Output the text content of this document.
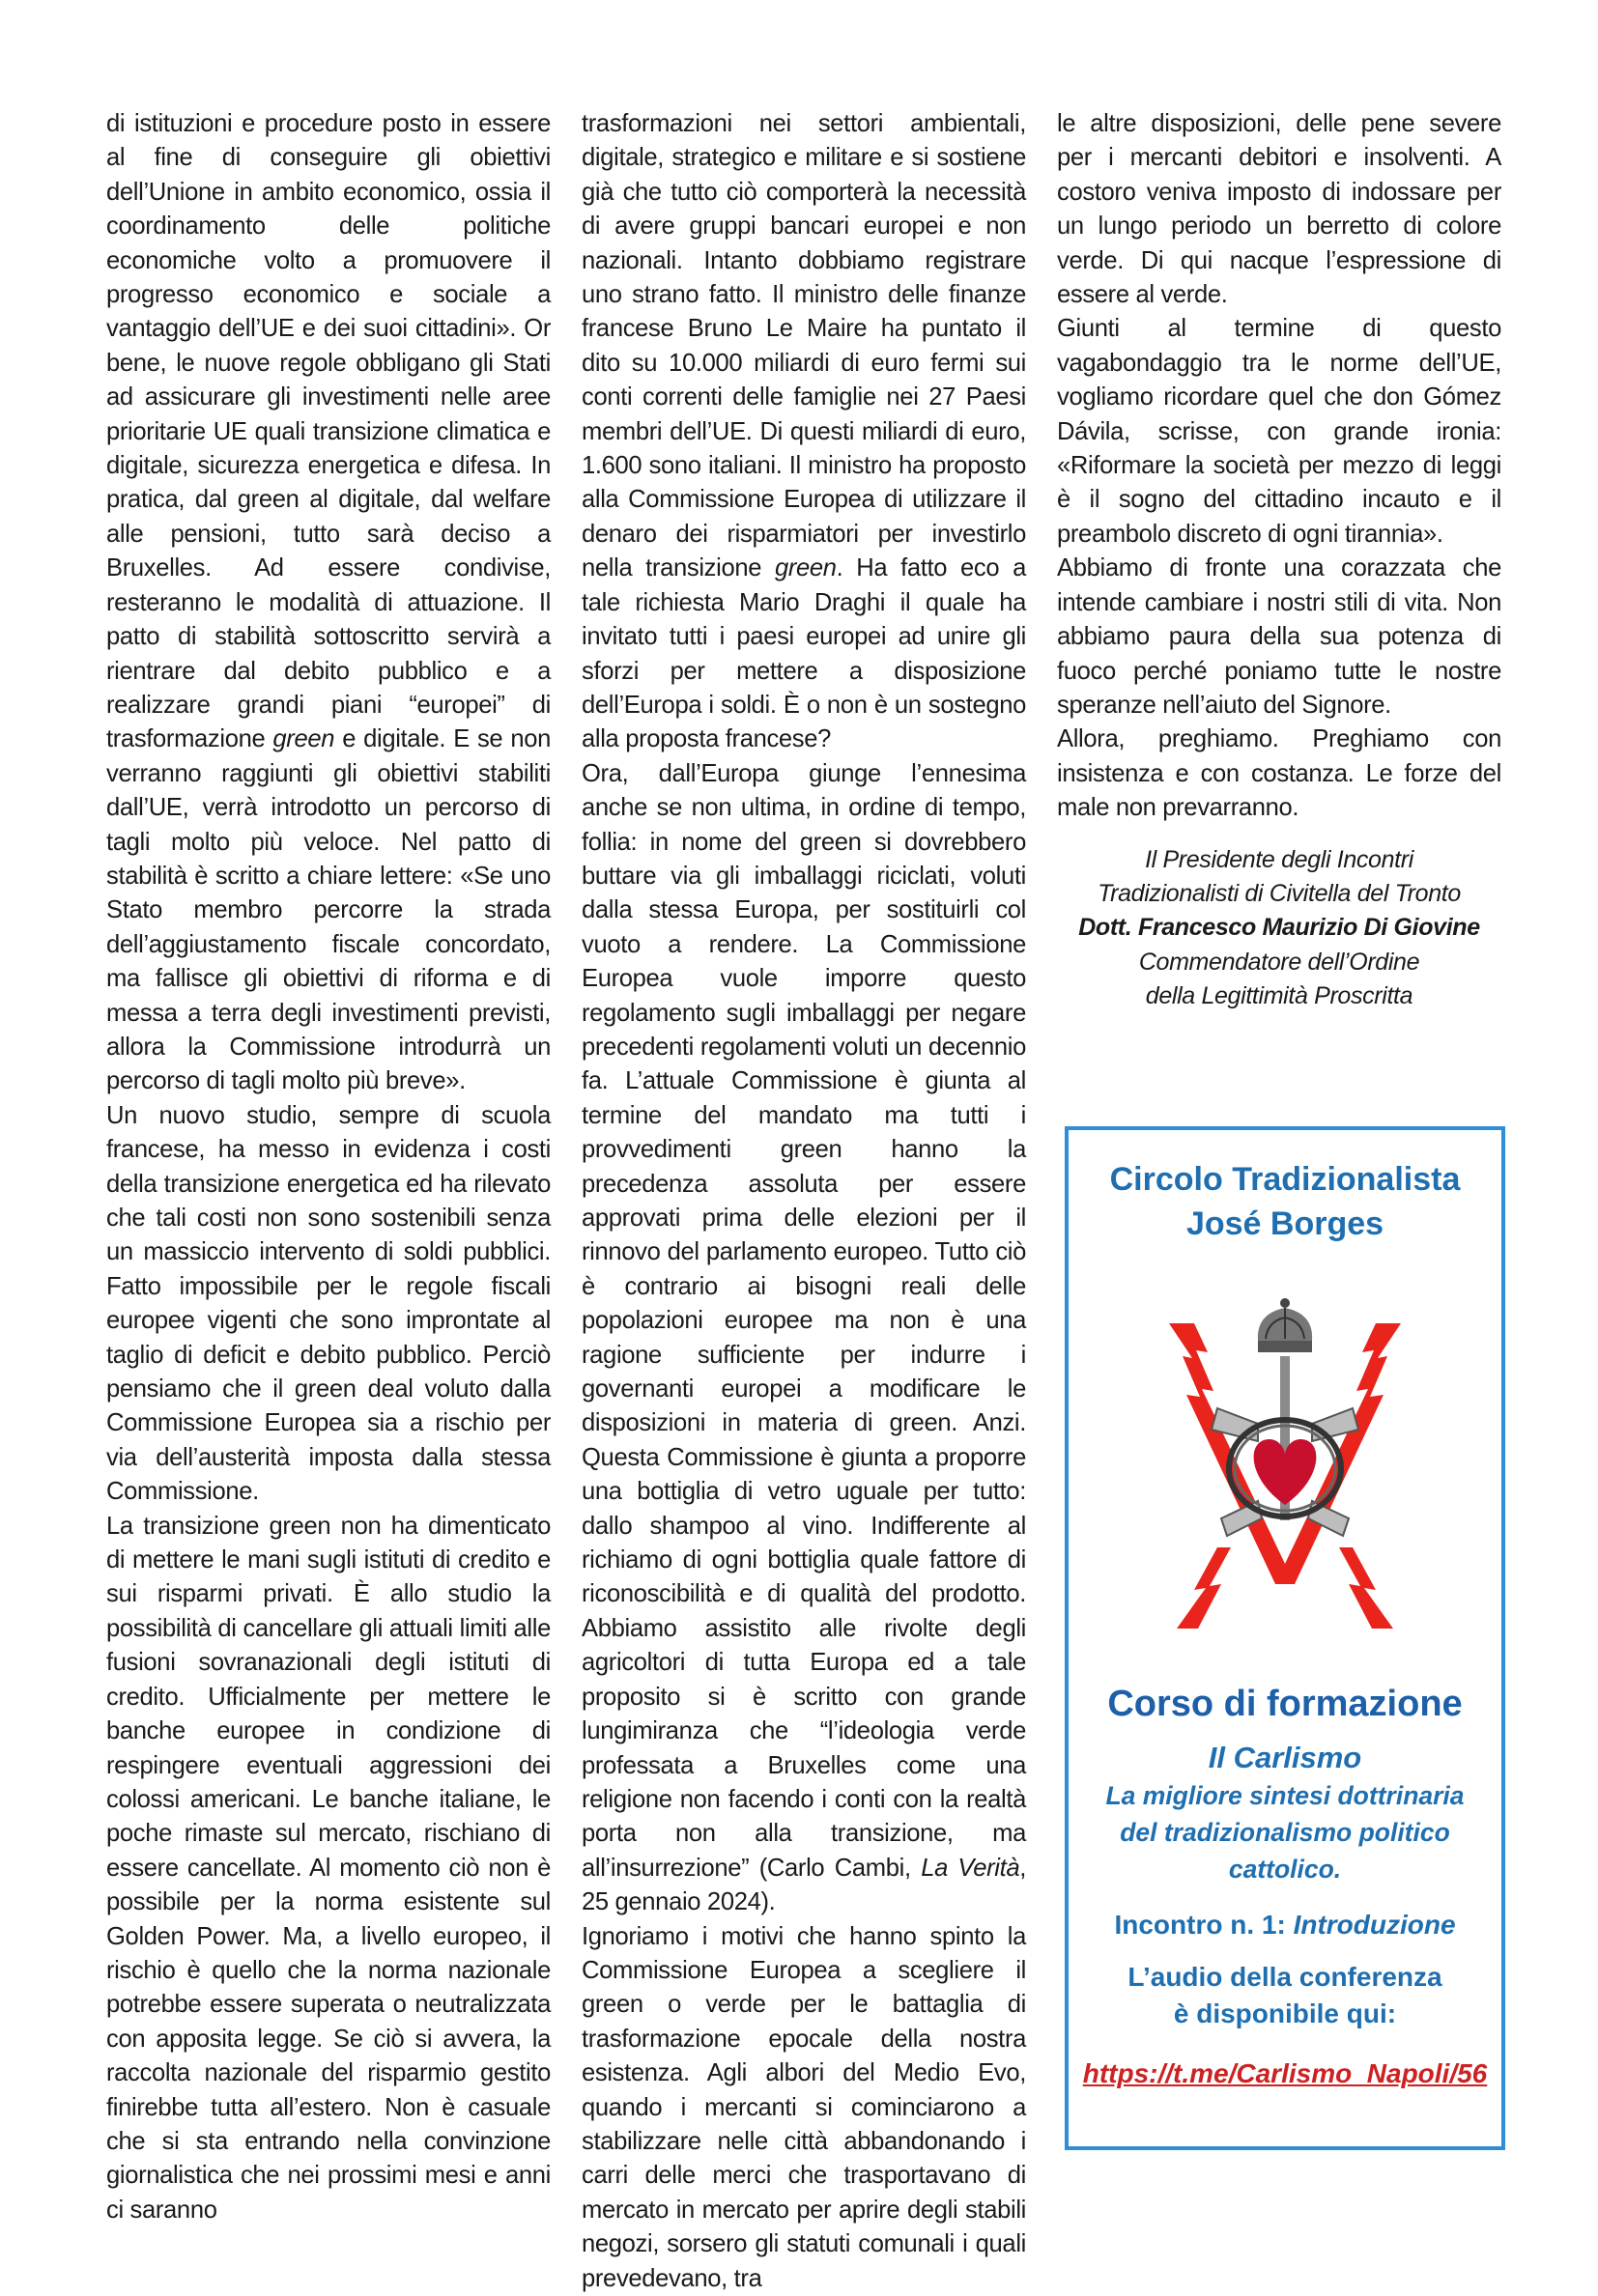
di istituzioni e procedure posto in essere al fine di conseguire gli obiettivi dell’Unione in ambito economico, ossia il coordinamento delle politiche economiche volto a promuovere il progresso economico e sociale a vantaggio dell’UE e dei suoi cittadini». Or bene, le nuove regole obbligano gli Stati ad assicurare gli investimenti nelle aree prioritarie UE quali transizione climatica e digitale, sicurezza energetica e difesa. In pratica, dal green al digitale, dal welfare alle pensioni, tutto sarà deciso a Bruxelles. Ad essere condivise, resteranno le modalità di attuazione. Il patto di stabilità sottoscritto servirà a rientrare dal debito pubblico e a realizzare grandi piani “europei” di trasformazione green e digitale. E se non verranno raggiunti gli obiettivi stabiliti dall’UE, verrà introdotto un percorso di tagli molto più veloce. Nel patto di stabilità è scritto a chiare lettere: «Se uno Stato membro percorre la strada dell’aggiustamento fiscale concordato, ma fallisce gli obiettivi di riforma e di messa a terra degli investimenti previsti, allora la Commissione introdurrà un percorso di tagli molto più breve».

Un nuovo studio, sempre di scuola francese, ha messo in evidenza i costi della transizione energetica ed ha rilevato che tali costi non sono sostenibili senza un massiccio intervento di soldi pubblici. Fatto impossibile per le regole fiscali europee vigenti che sono improntate al taglio di deficit e debito pubblico. Perciò pensiamo che il green deal voluto dalla Commissione Europea sia a rischio per via dell’austerità imposta dalla stessa Commissione.

La transizione green non ha dimenticato di mettere le mani sugli istituti di credito e sui risparmi privati. È allo studio la possibilità di cancellare gli attuali limiti alle fusioni sovranazionali degli istituti di credito. Ufficialmente per mettere le banche europee in condizione di respingere eventuali aggressioni dei colossi americani. Le banche italiane, le poche rimaste sul mercato, rischiano di essere cancellate. Al momento ciò non è possibile per la norma esistente sul Golden Power. Ma, a livello europeo, il rischio è quello che la norma nazionale potrebbe essere superata o neutralizzata con apposita legge. Se ciò si avvera, la raccolta nazionale del risparmio gestito finirebbe tutta all’estero. Non è casuale che si sta entrando nella convinzione giornalistica che nei prossimi mesi e anni ci saranno

trasformazioni nei settori ambientali, digitale, strategico e militare e si sostiene già che tutto ciò comporterà la necessità di avere gruppi bancari europei e non nazionali. Intanto dobbiamo registrare uno strano fatto. Il ministro delle finanze francese Bruno Le Maire ha puntato il dito su 10.000 miliardi di euro fermi sui conti correnti delle famiglie nei 27 Paesi membri dell’UE. Di questi miliardi di euro, 1.600 sono italiani. Il ministro ha proposto alla Commissione Europea di utilizzare il denaro dei risparmiatori per investirlo nella transizione green. Ha fatto eco a tale richiesta Mario Draghi il quale ha invitato tutti i paesi europei ad unire gli sforzi per mettere a disposizione dell’Europa i soldi. È o non è un sostegno alla proposta francese?

Ora, dall’Europa giunge l’ennesima anche se non ultima, in ordine di tempo, follia: in nome del green si dovrebbero buttare via gli imballaggi riciclati, voluti dalla stessa Europa, per sostituirli col vuoto a rendere. La Commissione Europea vuole imporre questo regolamento sugli imballaggi per negare precedenti regolamenti voluti un decennio fa. L’attuale Commissione è giunta al termine del mandato ma tutti i provvedimenti green hanno la precedenza assoluta per essere approvati prima delle elezioni per il rinnovo del parlamento europeo. Tutto ciò è contrario ai bisogni reali delle popolazioni europee ma non è una ragione sufficiente per indurre i governanti europei a modificare le disposizioni in materia di green. Anzi. Questa Commissione è giunta a proporre una bottiglia di vetro uguale per tutto: dallo shampoo al vino. Indifferente al richiamo di ogni bottiglia quale fattore di riconoscibilità e di qualità del prodotto. Abbiamo assistito alle rivolte degli agricoltori di tutta Europa ed a tale proposito si è scritto con grande lungimiranza che “l’ideologia verde professata a Bruxelles come una religione non facendo i conti con la realtà porta non alla transizione, ma all’insurrezione” (Carlo Cambi, La Verità, 25 gennaio 2024).

Ignoriamo i motivi che hanno spinto la Commissione Europea a scegliere il green o verde per le battaglia di trasformazione epocale della nostra esistenza. Agli albori del Medio Evo, quando i mercanti si cominciarono a stabilizzare nelle città abbandonando i carri delle merci che trasportavano di mercato in mercato per aprire degli stabili negozi, sorsero gli statuti comunali i quali prevedevano, tra

le altre disposizioni, delle pene severe per i mercanti debitori e insolventi. A costoro veniva imposto di indossare per un lungo periodo un berretto di colore verde. Di qui nacque l’espressione di essere al verde.

Giunti al termine di questo vagabondaggio tra le norme dell’UE, vogliamo ricordare quel che don Gómez Dávila, scrisse, con grande ironia: «Riformare la società per mezzo di leggi è il sogno del cittadino incauto e il preambolo discreto di ogni tirannia».

Abbiamo di fronte una corazzata che intende cambiare i nostri stili di vita. Non abbiamo paura della sua potenza di fuoco perché poniamo tutte le nostre speranze nell’aiuto del Signore.

Allora, preghiamo. Preghiamo con insistenza e con costanza. Le forze del male non prevarranno.

Il Presidente degli Incontri
Tradizionalisti di Civitella del Tronto
Dott. Francesco Maurizio Di Giovine
Commendatore dell’Ordine
della Legittimità Proscritta
Circolo Tradizionalista
José Borges
Corso di formazione
Il Carlismo
La migliore sintesi dottrinaria
del tradizionalismo politico
cattolico.
Incontro n. 1: Introduzione
L’audio della conferenza
è disponibile qui:
https://t.me/Carlismo_Napoli/56
